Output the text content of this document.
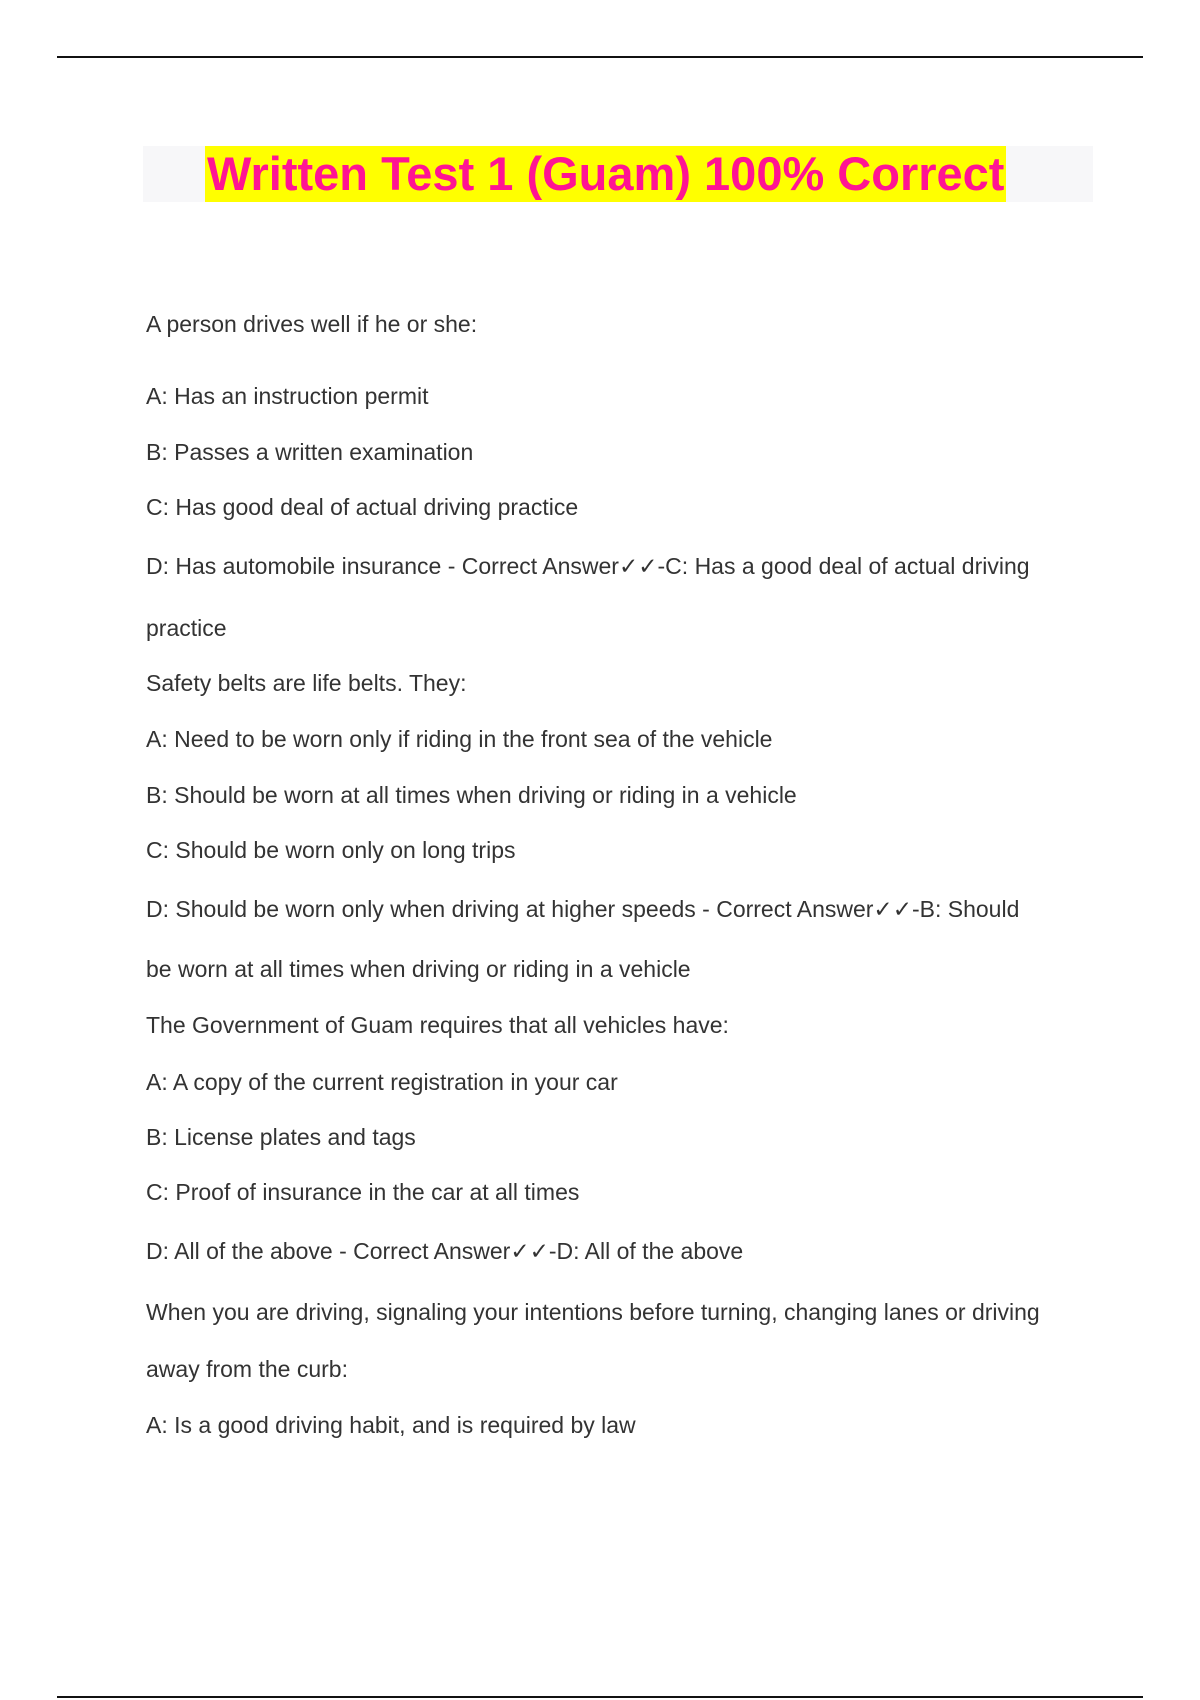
Written Test 1 (Guam) 100% Correct
A person drives well if he or she:
A: Has an instruction permit
B: Passes a written examination
C: Has good deal of actual driving practice
D: Has automobile insurance - Correct Answer✓✓-C: Has a good deal of actual driving
practice
Safety belts are life belts. They:
A: Need to be worn only if riding in the front sea of the vehicle
B: Should be worn at all times when driving or riding in a vehicle
C: Should be worn only on long trips
D: Should be worn only when driving at higher speeds - Correct Answer✓✓-B: Should
be worn at all times when driving or riding in a vehicle
The Government of Guam requires that all vehicles have:
A: A copy of the current registration in your car
B: License plates and tags
C: Proof of insurance in the car at all times
D: All of the above - Correct Answer✓✓-D: All of the above
When you are driving, signaling your intentions before turning, changing lanes or driving
away from the curb:
A: Is a good driving habit, and is required by law
